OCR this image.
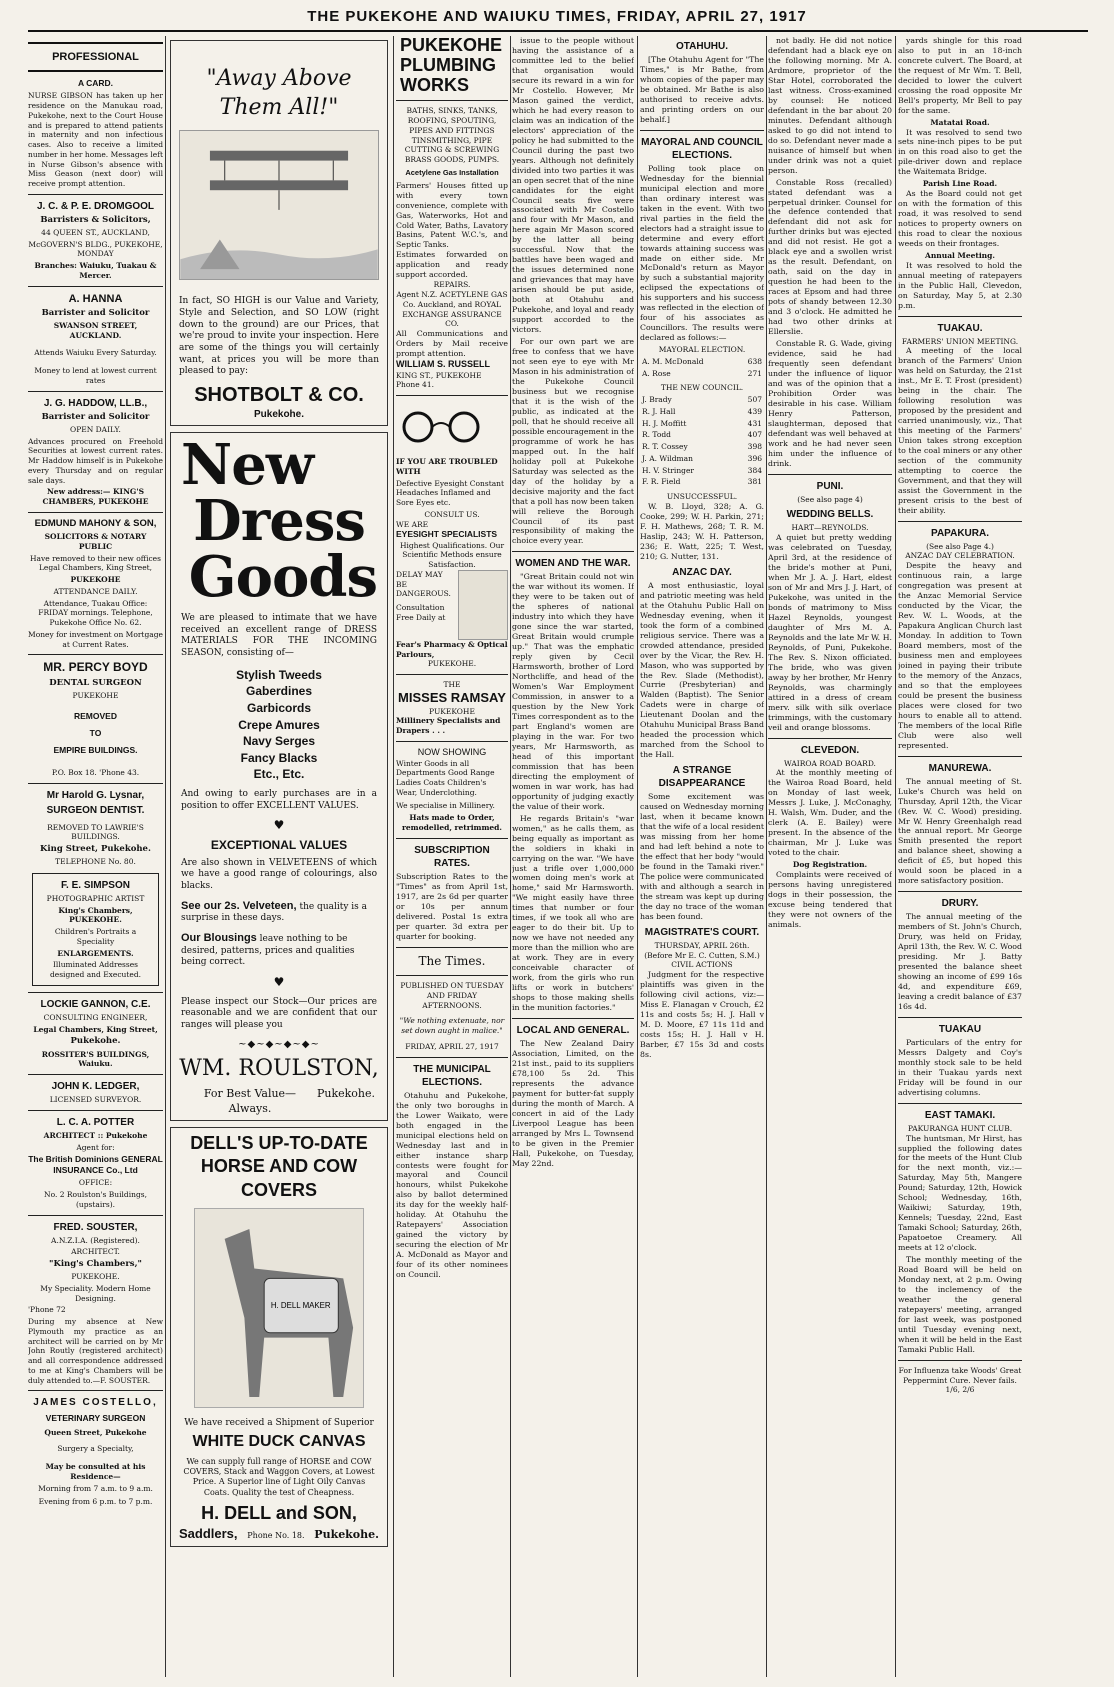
THE PUKEKOHE AND WAIUKU TIMES, FRIDAY, APRIL 27, 1917
PROFESSIONAL

A CARD.

NURSE GIBSON has taken up her residence on the Manukau road, Pukekohe, next to the Court House and is prepared to attend patients in maternity and non infectious cases. Also to receive a limited number in her home. Messages left in Nurse Gibson's absence with Miss Geason (next door) will receive prompt attention.

J. C. & P. E. DROMGOOL

Barristers & Solicitors,

44 QUEEN ST., AUCKLAND,

McGOVERN'S BLDG., PUKEKOHE, MONDAY

Branches: Waiuku, Tuakau & Mercer.

A. HANNA

Barrister and Solicitor

SWANSON STREET, AUCKLAND.

Attends Waiuku Every Saturday.

Money to lend at lowest current rates

J. G. HADDOW, LL.B.,

Barrister and Solicitor

OPEN DAILY.

Advances procured on Freehold Securities at lowest current rates. Mr Haddow himself is in Pukekohe every Thursday and on regular sale days.

New address:— KING'S CHAMBERS, PUKEKOHE

EDMUND MAHONY & SON,

SOLICITORS & NOTARY PUBLIC

Have removed to their new offices Legal Chambers, King Street,

PUKEKOHE

ATTENDANCE DAILY.

Attendance, Tuakau Office: FRIDAY mornings. Telephone, Pukekohe Office No. 62.

Money for investment on Mortgage at Current Rates.

MR. PERCY BOYD

DENTAL SURGEON

PUKEKOHE

REMOVED

TO

EMPIRE BUILDINGS.

P.O. Box 18. 'Phone 43.

Mr Harold G. Lysnar,

SURGEON DENTIST.

REMOVED TO LAWRIE'S BUILDINGS.

King Street, Pukekohe.

TELEPHONE No. 80.

F. E. SIMPSON

PHOTOGRAPHIC ARTIST

King's Chambers, PUKEKOHE.

Children's Portraits a Speciality

ENLARGEMENTS.

Illuminated Addresses designed and Executed.

LOCKIE GANNON, C.E.

CONSULTING ENGINEER,

Legal Chambers, King Street,

Pukekohe.

ROSSITER'S BUILDINGS, Waiuku.

JOHN K. LEDGER,

LICENSED SURVEYOR.

L. C. A. POTTER

ARCHITECT :: Pukekohe

Agent for:

The British Dominions GENERAL INSURANCE Co., Ltd

OFFICE:

No. 2 Roulston's Buildings, (upstairs).

FRED. SOUSTER,

A.N.Z.I.A. (Registered).

ARCHITECT.

"King's Chambers,"

PUKEKOHE.

My Speciality. Modern Home Designing.

'Phone 72

During my absence at New Plymouth my practice as an architect will be carried on by Mr John Routly (registered architect) and all correspondence addressed to me at King's Chambers will be duly attended to.—F. SOUSTER.

JAMES COSTELLO,

VETERINARY SURGEON

Queen Street, Pukekohe

Surgery a Specialty,

May be consulted at his Residence—

Morning from 7 a.m. to 9 a.m.

Evening from 6 p.m. to 7 p.m.

"Away Above Them All!"

In fact, SO HIGH is our Value and Variety, Style and Selection, and SO LOW (right down to the ground) are our Prices, that we're proud to invite your inspection. Here are some of the things you will certainly want, at prices you will be more than pleased to pay:

SHOTBOLT & CO.
Pukekohe.
New
Dress
Goods

We are pleased to intimate that we have received an excellent range of DRESS MATERIALS FOR THE INCOMING SEASON, consisting of—

Stylish Tweeds
Gaberdines
Garbicords
Crepe Amures
Navy Serges
Fancy Blacks
Etc., Etc.

And owing to early purchases are in a position to offer EXCELLENT VALUES.

♥
EXCEPTIONAL VALUES

Are also shown in VELVETEENS of which we have a good range of colourings, also blacks.

See our 2s. Velveteen, the quality is a surprise in these days.

Our Blousings leave nothing to be desired, patterns, prices and qualities being correct.

♥

Please inspect our Stock—Our prices are reasonable and we are confident that our ranges will please you

~◆~◆~◆~◆~
WM. ROULSTON,
For Best Value—Always.
Pukekohe.
DELL'S UP-TO-DATE
HORSE AND COW COVERS
H. DELL MAKER

We have received a Shipment of Superior

WHITE DUCK CANVAS

We can supply full range of HORSE and COW COVERS, Stack and Waggon Covers, at Lowest Price. A Superior line of Light Oily Canvas Coats. Quality the test of Cheapness.

H. DELL and SON,
Saddlers, Phone No. 18. Pukekohe.
PUKEKOHE PLUMBING WORKS

BATHS, SINKS, TANKS, ROOFING, SPOUTING, PIPES AND FITTINGS TINSMITHING, PIPE CUTTING & SCREWING BRASS GOODS, PUMPS.

Acetylene Gas Installation

Farmers' Houses fitted up with every town convenience, complete with Gas, Waterworks, Hot and Cold Water, Baths, Lavatory Basins, Patent W.C.'s, and Septic Tanks.

Estimates forwarded on application and ready support accorded.

REPAIRS.

Agent N.Z. ACETYLENE GAS Co. Auckland, and ROYAL EXCHANGE ASSURANCE CO.

All Communications and Orders by Mail receive prompt attention.

WILLIAM S. RUSSELL

KING ST., PUKEKOHE

Phone 41.

IF YOU ARE TROUBLED WITH

Defective Eyesight Constant Headaches Inflamed and Sore Eyes etc.

CONSULT US.

WE ARE

EYESIGHT SPECIALISTS

Highest Qualifications. Our Scientific Methods ensure Satisfaction.

DELAY MAY BE DANGEROUS.

Consultation Free Daily at

Fear's Pharmacy & Optical Parlours,

PUKEKOHE.

THE

MISSES RAMSAY

PUKEKOHE

Millinery Specialists and Drapers . . .

NOW SHOWING

Winter Goods in all Departments Good Range Ladies Coats Children's Wear, Underclothing.

We specialise in Millinery.

Hats made to Order, remodelled, retrimmed.

SUBSCRIPTION RATES.

Subscription Rates to the "Times" as from April 1st, 1917, are 2s 6d per quarter or 10s per annum delivered. Postal 1s extra per quarter. 3d extra per quarter for booking.

The Times.

PUBLISHED ON TUESDAY AND FRIDAY AFTERNOONS.

"We nothing extenuate, nor set down aught in malice."

FRIDAY, APRIL 27, 1917

THE MUNICIPAL ELECTIONS.

Otahuhu and Pukekohe, the only two boroughs in the Lower Waikato, were both engaged in the municipal elections held on Wednesday last and in either instance sharp contests were fought for mayoral and Council honours, whilst Pukekohe also by ballot determined its day for the weekly half-holiday. At Otahuhu the Ratepayers' Association gained the victory by securing the election of Mr A. McDonald as Mayor and four of its other nominees on Council.

issue to the people without having the assistance of a committee led to the belief that organisation would secure its reward in a win for Mr Costello. However, Mr Mason gained the verdict, which he had every reason to claim was an indication of the electors' appreciation of the policy he had submitted to the Council during the past two years. Although not definitely divided into two parties it was an open secret that of the nine candidates for the eight Council seats five were associated with Mr Costello and four with Mr Mason, and here again Mr Mason scored by the latter all being successful. Now that the battles have been waged and the issues determined none and grievances that may have arisen should be put aside, both at Otahuhu and Pukekohe, and loyal and ready support accorded to the victors.

For our own part we are free to confess that we have not seen eye to eye with Mr Mason in his administration of the Pukekohe Council business but we recognise that it is the wish of the public, as indicated at the poll, that he should receive all possible encouragement in the programme of work he has mapped out. In the half holiday poll at Pukekohe Saturday was selected as the day of the holiday by a decisive majority and the fact that a poll has now been taken will relieve the Borough Council of its past responsibility of making the choice every year.

WOMEN AND THE WAR.

"Great Britain could not win the war without its women. If they were to be taken out of the spheres of national industry into which they have gone since the war started, Great Britain would crumple up." That was the emphatic reply given by Cecil Harmsworth, brother of Lord Northcliffe, and head of the Women's War Employment Commission, in answer to a question by the New York Times correspondent as to the part England's women are playing in the war. For two years, Mr Harmsworth, as head of this important commission that has been directing the employment of women in war work, has had opportunity of judging exactly the value of their work.

He regards Britain's "war women," as he calls them, as being equally as important as the soldiers in khaki in carrying on the war. "We have just a trifle over 1,000,000 women doing men's work at home," said Mr Harmsworth. "We might easily have three times that number or four times, if we took all who are eager to do their bit. Up to now we have not needed any more than the million who are at work. They are in every conceivable character of work, from the girls who run lifts or work in butchers' shops to those making shells in the munition factories."

LOCAL AND GENERAL.

The New Zealand Dairy Association, Limited, on the 21st inst., paid to its suppliers £78,100 5s 2d. This represents the advance payment for butter-fat supply during the month of March. A concert in aid of the Lady Liverpool League has been arranged by Mrs L. Townsend to be given in the Premier Hall, Pukekohe, on Tuesday, May 22nd.

OTAHUHU.

[The Otahuhu Agent for "The Times," is Mr Bathe, from whom copies of the paper may be obtained. Mr Bathe is also authorised to receive advts. and printing orders on our behalf.]

MAYORAL AND COUNCIL ELECTIONS.

Polling took place on Wednesday for the biennial municipal election and more than ordinary interest was taken in the event. With two rival parties in the field the electors had a straight issue to determine and every effort towards attaining success was made on either side. Mr McDonald's return as Mayor by such a substantial majority eclipsed the expectations of his supporters and his success was reflected in the election of four of his associates as Councillors. The results were declared as follows:—

MAYORAL ELECTION.

A. M. McDonald	638
A. Rose	271

THE NEW COUNCIL.

J. Brady	507
R. J. Hall	439
H. J. Moffitt	431
R. Todd	407
R. T. Cossey	398
J. A. Wildman	396
H. V. Stringer	384
F. R. Field	381

UNSUCCESSFUL.

W. B. Lloyd, 328; A. G. Cooke, 299; W. H. Parkin, 271; F. H. Mathews, 268; T. R. M. Haslip, 243; W. H. Patterson, 236; E. Watt, 225; T. West, 210; G. Nutter, 131.

ANZAC DAY.

A most enthusiastic, loyal and patriotic meeting was held at the Otahuhu Public Hall on Wednesday evening, when it took the form of a combined religious service. There was a crowded attendance, presided over by the Vicar, the Rev. H. Mason, who was supported by the Rev. Slade (Methodist), Currie (Presbyterian) and Walden (Baptist). The Senior Cadets were in charge of Lieutenant Doolan and the Otahuhu Municipal Brass Band headed the procession which marched from the School to the Hall.

A STRANGE DISAPPEARANCE

Some excitement was caused on Wednesday morning last, when it became known that the wife of a local resident was missing from her home and had left behind a note to the effect that her body "would be found in the Tamaki river." The police were communicated with and although a search in the stream was kept up during the day no trace of the woman has been found.

MAGISTRATE'S COURT.

THURSDAY, APRIL 26th.

(Before Mr E. C. Cutten, S.M.)

CIVIL ACTIONS

Judgment for the respective plaintiffs was given in the following civil actions, viz:—Miss E. Flanagan v Crouch, £2 11s and costs 5s; H. J. Hall v M. D. Moore, £7 11s 11d and costs 15s; H. J. Hall v H. Barber, £7 15s 3d and costs 8s.

not badly. He did not notice defendant had a black eye on the following morning. Mr A. Ardmore, proprietor of the Star Hotel, corroborated the last witness. Cross-examined by counsel: He noticed defendant in the bar about 20 minutes. Defendant although asked to go did not intend to do so. Defendant never made a nuisance of himself but when under drink was not a quiet person.

Constable Ross (recalled) stated defendant was a perpetual drinker. Counsel for the defence contended that defendant did not ask for further drinks but was ejected and did not resist. He got a black eye and a swollen wrist as the result. Defendant, on oath, said on the day in question he had been to the races at Epsom and had three pots of shandy between 12.30 and 3 o'clock. He admitted he had two other drinks at Ellerslie.

Constable R. G. Wade, giving evidence, said he had frequently seen defendant under the influence of liquor and was of the opinion that a Prohibition Order was desirable in his case. William Henry Patterson, slaughterman, deposed that defendant was well behaved at work and he had never seen him under the influence of drink.

PUNI.

(See also page 4)

WEDDING BELLS.

HART—REYNOLDS.

A quiet but pretty wedding was celebrated on Tuesday, April 3rd, at the residence of the bride's mother at Puni, when Mr J. A. J. Hart, eldest son of Mr and Mrs J. J. Hart, of Pukekohe, was united in the bonds of matrimony to Miss Hazel Reynolds, youngest daughter of Mrs M. A. Reynolds and the late Mr W. H. Reynolds, of Puni, Pukekohe. The Rev. S. Nixon officiated. The bride, who was given away by her brother, Mr Henry Reynolds, was charmingly attired in a dress of cream merv. silk with silk overlace trimmings, with the customary veil and orange blossoms.

CLEVEDON.

WAIROA ROAD BOARD.

At the monthly meeting of the Wairoa Road Board, held on Monday of last week, Messrs J. Luke, J. McConaghy, H. Walsh, Wm. Duder, and the clerk (A. E. Bailey) were present. In the absence of the chairman, Mr J. Luke was voted to the chair.

Dog Registration.

Complaints were received of persons having unregistered dogs in their possession, the excuse being tendered that they were not owners of the animals.

yards shingle for this road also to put in an 18-inch concrete culvert. The Board, at the request of Mr Wm. T. Bell, decided to lower the culvert crossing the road opposite Mr Bell's property, Mr Bell to pay for the same.

Matatai Road.

It was resolved to send two sets nine-inch pipes to be put in on this road also to get the pile-driver down and replace the Waitemata Bridge.

Parish Line Road.

As the Board could not get on with the formation of this road, it was resolved to send notices to property owners on this road to clear the noxious weeds on their frontages.

Annual Meeting.

It was resolved to hold the annual meeting of ratepayers in the Public Hall, Clevedon, on Saturday, May 5, at 2.30 p.m.

TUAKAU.

FARMERS' UNION MEETING.

A meeting of the local branch of the Farmers' Union was held on Saturday, the 21st inst., Mr E. T. Frost (president) being in the chair. The following resolution was proposed by the president and carried unanimously, viz., That this meeting of the Farmers' Union takes strong exception to the coal miners or any other section of the community attempting to coerce the Government, and that they will assist the Government in the present crisis to the best of their ability.

PAPAKURA.

(See also Page 4.)

ANZAC DAY CELEBRATION.

Despite the heavy and continuous rain, a large congregation was present at the Anzac Memorial Service conducted by the Vicar, the Rev. W. L. Woods, at the Papakura Anglican Church last Monday. In addition to Town Board members, most of the business men and employees joined in paying their tribute to the memory of the Anzacs, and so that the employees could be present the business places were closed for two hours to enable all to attend. The members of the local Rifle Club were also well represented.

MANUREWA.

The annual meeting of St. Luke's Church was held on Thursday, April 12th, the Vicar (Rev. W. C. Wood) presiding. Mr W. Henry Greenhalgh read the annual report. Mr George Smith presented the report and balance sheet, showing a deficit of £5, but hoped this would soon be placed in a more satisfactory position.

DRURY.

The annual meeting of the members of St. John's Church, Drury, was held on Friday, April 13th, the Rev. W. C. Wood presiding. Mr J. Batty presented the balance sheet showing an income of £99 16s 4d, and expenditure £69, leaving a credit balance of £37 16s 4d.

TUAKAU

Particulars of the entry for Messrs Dalgety and Coy's monthly stock sale to be held in their Tuakau yards next Friday will be found in our advertising columns.

EAST TAMAKI.

PAKURANGA HUNT CLUB.

The huntsman, Mr Hirst, has supplied the following dates for the meets of the Hunt Club for the next month, viz.:—Saturday, May 5th, Mangere Pound; Saturday, 12th, Howick School; Wednesday, 16th, Waikiwi; Saturday, 19th, Kennels; Tuesday, 22nd, East Tamaki School; Saturday, 26th, Papatoetoe Creamery. All meets at 12 o'clock.

The monthly meeting of the Road Board will be held on Monday next, at 2 p.m. Owing to the inclemency of the weather the general ratepayers' meeting, arranged for last week, was postponed until Tuesday evening next, when it will be held in the East Tamaki Public Hall.

For Influenza take Woods' Great Peppermint Cure. Never fails. 1/6, 2/6
